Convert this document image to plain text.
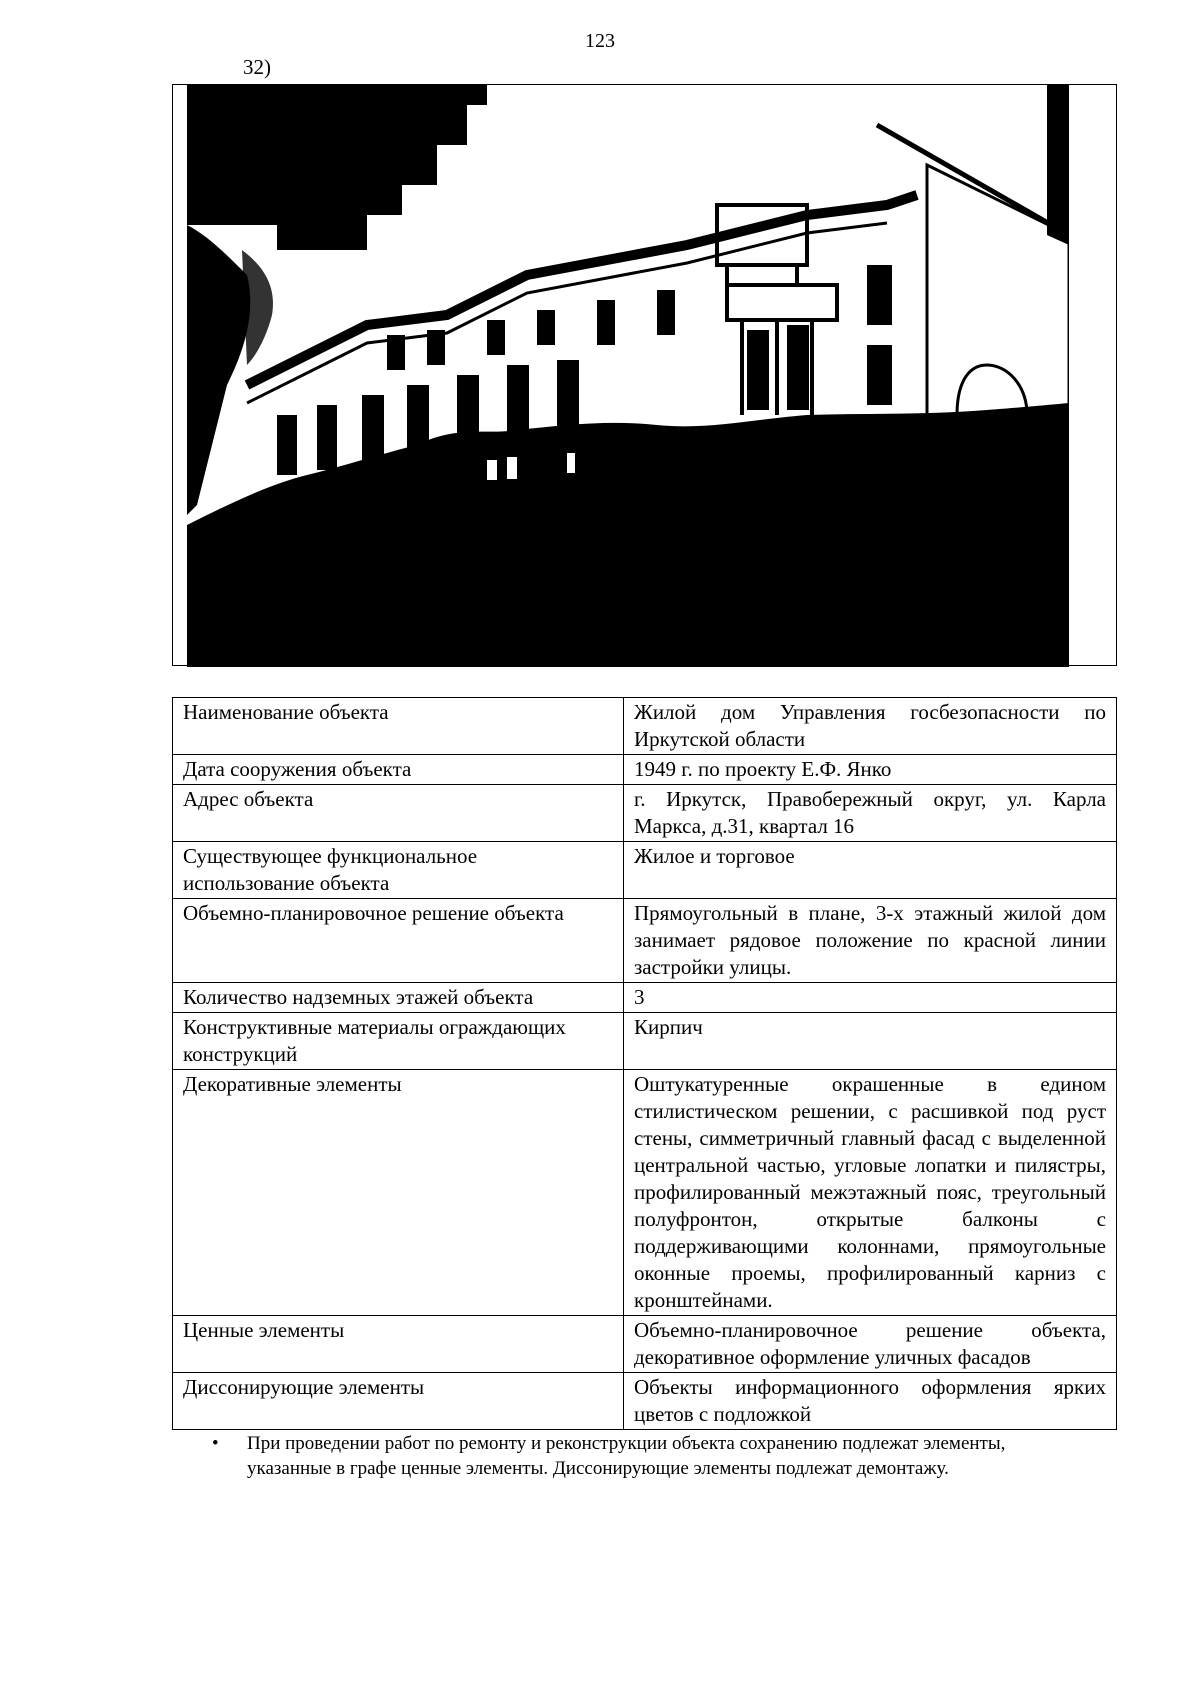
123
32)
Наименование объекта	Жилой дом Управления госбезопасности по Иркутской области
Дата сооружения объекта	1949 г. по проекту Е.Ф. Янко
Адрес объекта	г. Иркутск, Правобережный округ, ул. Карла Маркса, д.31, квартал 16
Существующее функциональное использование объекта	Жилое и торговое
Объемно-планировочное решение объекта	Прямоугольный в плане, 3-х этажный жилой дом занимает рядовое положение по красной линии застройки улицы.
Количество надземных этажей объекта	3
Конструктивные материалы ограждающих конструкций	Кирпич
Декоративные элементы	Оштукатуренные окрашенные в едином стилистическом решении, с расшивкой под руст стены, симметричный главный фасад с выделенной центральной частью, угловые лопатки и пилястры, профилированный межэтажный пояс, треугольный полуфронтон, открытые балконы с поддерживающими колоннами, прямоугольные оконные проемы, профилированный карниз с кронштейнами.
Ценные элементы	Объемно-планировочное решение объекта, декоративное оформление уличных фасадов
Диссонирующие элементы	Объекты информационного оформления ярких цветов с подложкой
• При проведении работ по ремонту и реконструкции объекта сохранению подлежат элементы, указанные в графе ценные элементы. Диссонирующие элементы подлежат демонтажу.
